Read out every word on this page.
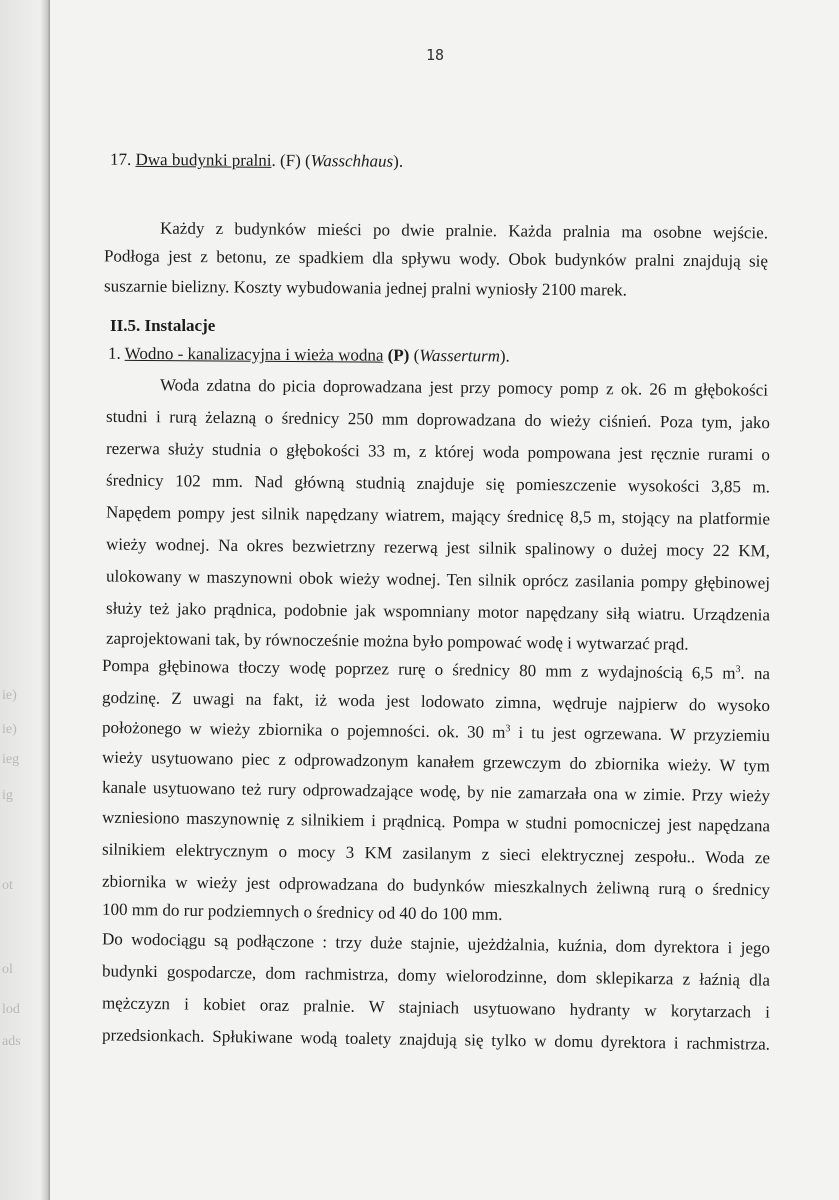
ie)
ie)
ieg
ig
ot
ol
lod
ads
18
17. Dwa budynki pralni. (F) (Wasschhaus).
Każdy z budynków mieści po dwie pralnie. Każda pralnia ma osobne wejście.
Podłoga jest z betonu, ze spadkiem dla spływu wody. Obok budynków pralni znajdują się
suszarnie bielizny. Koszty wybudowania jednej pralni wyniosły 2100 marek.
II.5. Instalacje
1. Wodno - kanalizacyjna i wieża wodna (P) (Wasserturm).
Woda zdatna do picia doprowadzana jest przy pomocy pomp z ok. 26 m głębokości
studni i rurą żelazną o średnicy 250 mm doprowadzana do wieży ciśnień. Poza tym, jako
rezerwa służy studnia o głębokości 33 m, z której woda pompowana jest ręcznie rurami o
średnicy 102 mm. Nad główną studnią znajduje się pomieszczenie wysokości 3,85 m.
Napędem pompy jest silnik napędzany wiatrem, mający średnicę 8,5 m, stojący na platformie
wieży wodnej. Na okres bezwietrzny rezerwą jest silnik spalinowy o dużej mocy 22 KM,
ulokowany w maszynowni obok wieży wodnej. Ten silnik oprócz zasilania pompy głębinowej
służy też jako prądnica, podobnie jak wspomniany motor napędzany siłą wiatru. Urządzenia
zaprojektowani tak, by równocześnie można było pompować wodę i wytwarzać prąd.
Pompa głębinowa tłoczy wodę poprzez rurę o średnicy 80 mm z wydajnością 6,5 $m^3$. na
godzinę. Z uwagi na fakt, iż woda jest lodowato zimna, wędruje najpierw do wysoko
położonego w wieży zbiornika o pojemności. ok. 30 $m^3$ i tu jest ogrzewana. W przyziemiu
wieży usytuowano piec z odprowadzonym kanałem grzewczym do zbiornika wieży. W tym
kanale usytuowano też rury odprowadzające wodę, by nie zamarzała ona w zimie. Przy wieży
wzniesiono maszynownię z silnikiem i prądnicą. Pompa w studni pomocniczej jest napędzana
silnikiem elektrycznym o mocy 3 KM zasilanym z sieci elektrycznej zespołu.. Woda ze
zbiornika w wieży jest odprowadzana do budynków mieszkalnych żeliwną rurą o średnicy
100 mm do rur podziemnych o średnicy od 40 do 100 mm.
Do wodociągu są podłączone : trzy duże stajnie, ujeżdżalnia, kuźnia, dom dyrektora i jego
budynki gospodarcze, dom rachmistrza, domy wielorodzinne, dom sklepikarza z łaźnią dla
mężczyzn i kobiet oraz pralnie. W stajniach usytuowano hydranty w korytarzach i
przedsionkach. Spłukiwane wodą toalety znajdują się tylko w domu dyrektora i rachmistrza.
